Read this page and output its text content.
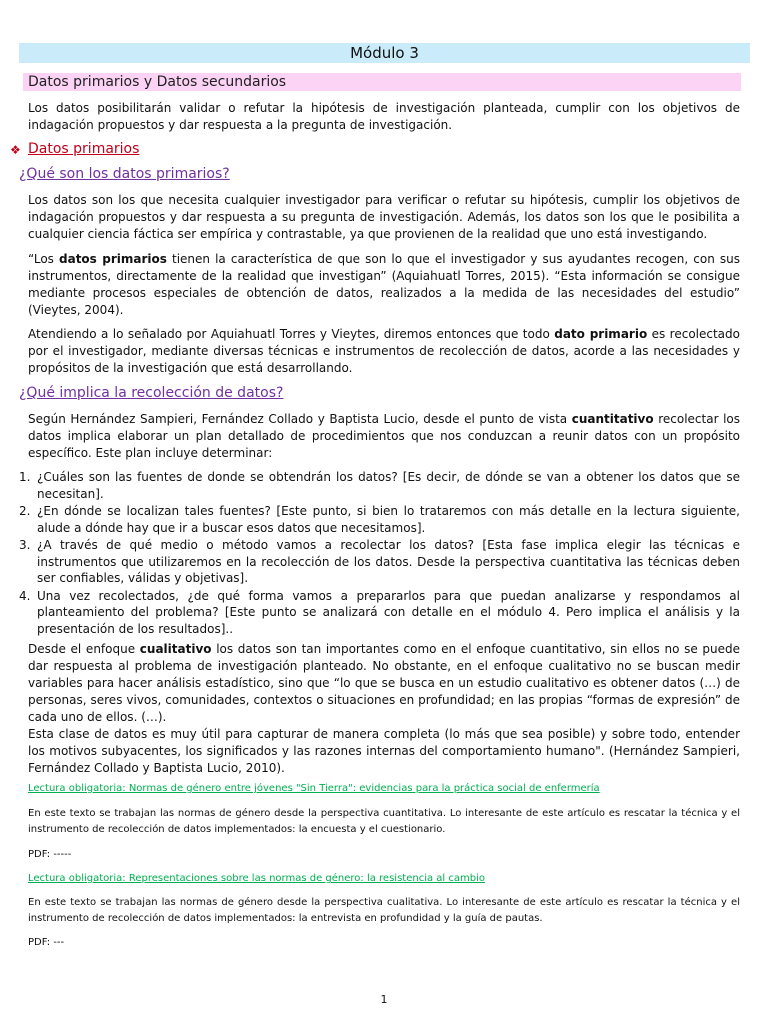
Módulo 3
Datos primarios y Datos secundarios
Los datos posibilitarán validar o refutar la hipótesis de investigación planteada, cumplir con los objetivos de indagación propuestos y dar respuesta a la pregunta de investigación.
❖ Datos primarios
¿Qué son los datos primarios?
Los datos son los que necesita cualquier investigador para verificar o refutar su hipótesis, cumplir los objetivos de indagación propuestos y dar respuesta a su pregunta de investigación. Además, los datos son los que le posibilita a cualquier ciencia fáctica ser empírica y contrastable, ya que provienen de la realidad que uno está investigando.
“Los datos primarios tienen la característica de que son lo que el investigador y sus ayudantes recogen, con sus instrumentos, directamente de la realidad que investigan” (Aquiahuatl Torres, 2015). “Esta información se consigue mediante procesos especiales de obtención de datos, realizados a la medida de las necesidades del estudio” (Vieytes, 2004).
Atendiendo a lo señalado por Aquiahuatl Torres y Vieytes, diremos entonces que todo dato primario es recolectado por el investigador, mediante diversas técnicas e instrumentos de recolección de datos, acorde a las necesidades y propósitos de la investigación que está desarrollando.
¿Qué implica la recolección de datos?
Según Hernández Sampieri, Fernández Collado y Baptista Lucio, desde el punto de vista cuantitativo recolectar los datos implica elaborar un plan detallado de procedimientos que nos conduzcan a reunir datos con un propósito específico. Este plan incluye determinar:
1. ¿Cuáles son las fuentes de donde se obtendrán los datos? [Es decir, de dónde se van a obtener los datos que se necesitan].
2. ¿En dónde se localizan tales fuentes? [Este punto, si bien lo trataremos con más detalle en la lectura siguiente, alude a dónde hay que ir a buscar esos datos que necesitamos].
3. ¿A través de qué medio o método vamos a recolectar los datos? [Esta fase implica elegir las técnicas e instrumentos que utilizaremos en la recolección de los datos. Desde la perspectiva cuantitativa las técnicas deben ser confiables, válidas y objetivas].
4. Una vez recolectados, ¿de qué forma vamos a prepararlos para que puedan analizarse y respondamos al planteamiento del problema? [Este punto se analizará con detalle en el módulo 4. Pero implica el análisis y la presentación de los resultados]..
Desde el enfoque cualitativo los datos son tan importantes como en el enfoque cuantitativo, sin ellos no se puede dar respuesta al problema de investigación planteado. No obstante, en el enfoque cualitativo no se buscan medir variables para hacer análisis estadístico, sino que “lo que se busca en un estudio cualitativo es obtener datos (…) de personas, seres vivos, comunidades, contextos o situaciones en profundidad; en las propias “formas de expresión” de cada uno de ellos. (…).
Esta clase de datos es muy útil para capturar de manera completa (lo más que sea posible) y sobre todo, entender los motivos subyacentes, los significados y las razones internas del comportamiento humano". (Hernández Sampieri, Fernández Collado y Baptista Lucio, 2010).
Lectura obligatoria: Normas de género entre jóvenes "Sin Tierra": evidencias para la práctica social de enfermería
En este texto se trabajan las normas de género desde la perspectiva cuantitativa. Lo interesante de este artículo es rescatar la técnica y el instrumento de recolección de datos implementados: la encuesta y el cuestionario.
PDF: -----
Lectura obligatoria: Representaciones sobre las normas de género: la resistencia al cambio
En este texto se trabajan las normas de género desde la perspectiva cualitativa. Lo interesante de este artículo es rescatar la técnica y el instrumento de recolección de datos implementados: la entrevista en profundidad y la guía de pautas.
PDF: ---
1
